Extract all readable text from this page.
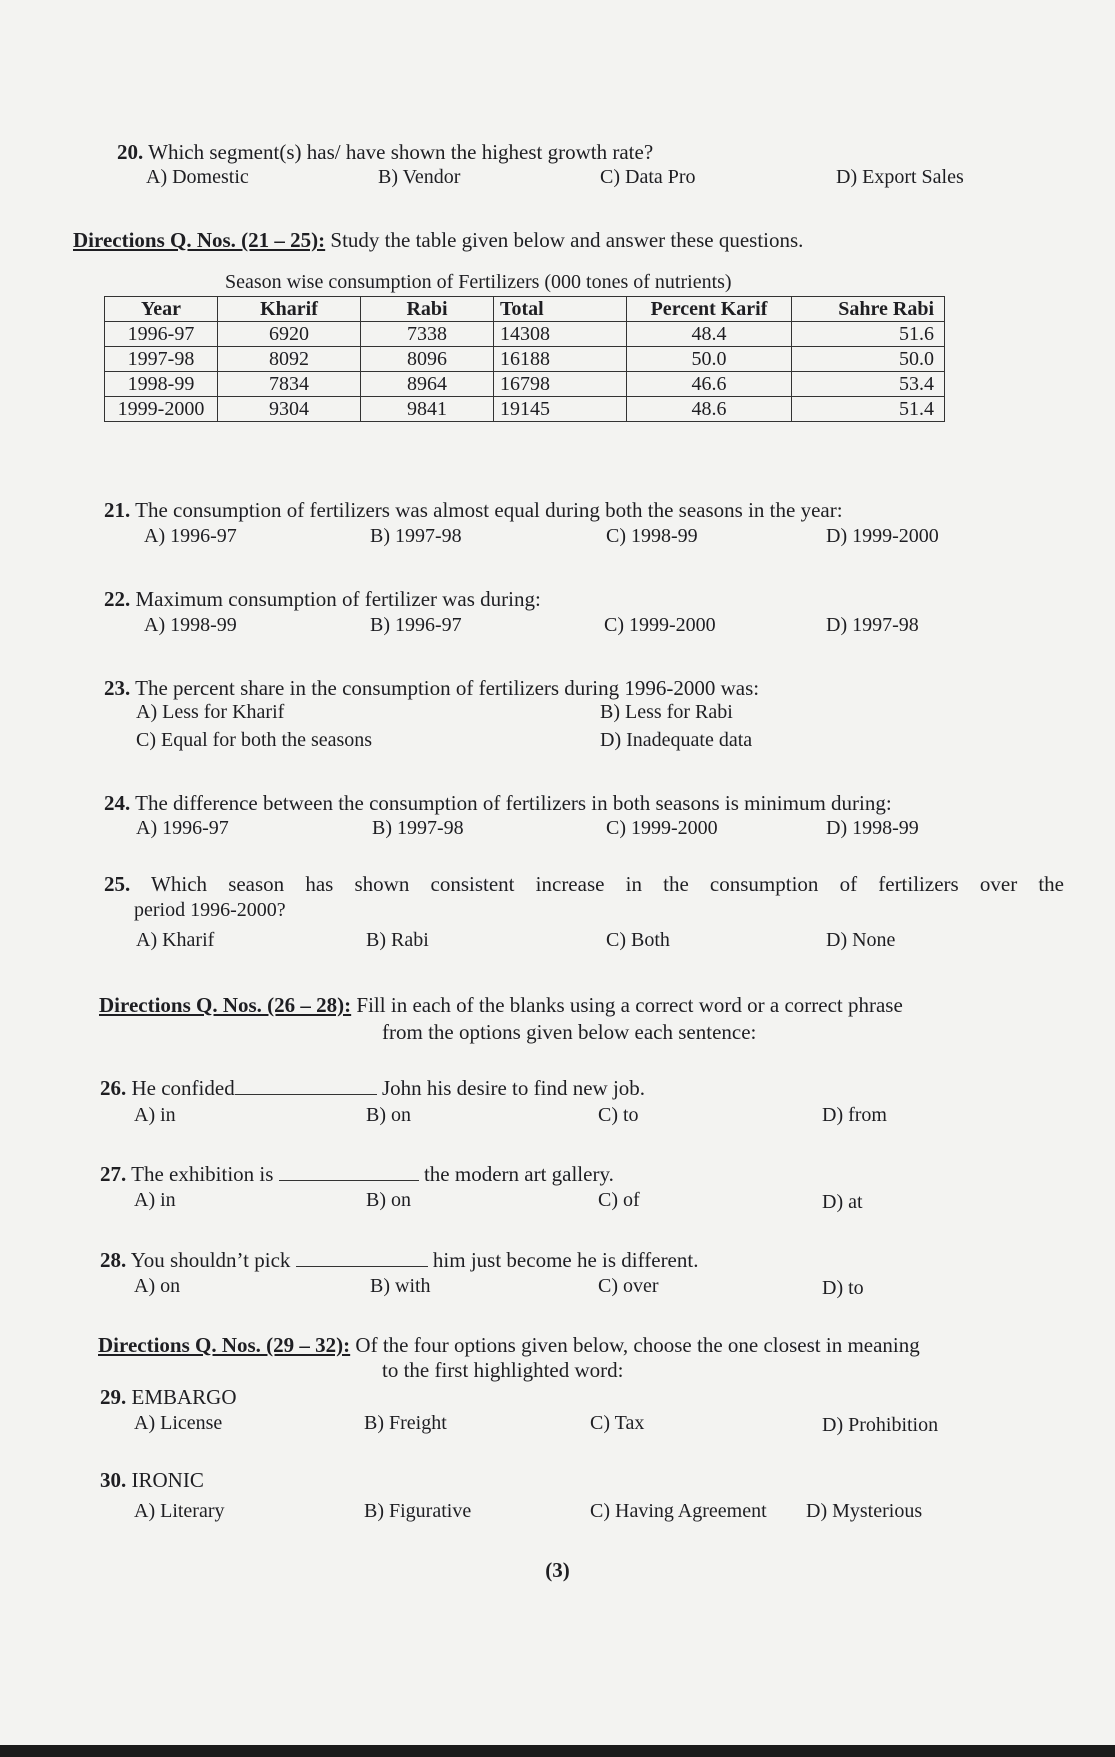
20. Which segment(s) has/ have shown the highest growth rate?
A) Domestic	B) Vendor	C) Data Pro	D) Export Sales
Directions Q. Nos. (21 – 25): Study the table given below and answer these questions.
Season wise consumption of Fertilizers (000 tones of nutrients)
Year	Kharif	Rabi	Total	Percent Karif	Sahre Rabi
1996-97	6920	7338	14308	48.4	51.6
1997-98	8092	8096	16188	50.0	50.0
1998-99	7834	8964	16798	46.6	53.4
1999-2000	9304	9841	19145	48.6	51.4
21. The consumption of fertilizers was almost equal during both the seasons in the year:
A) 1996-97	B) 1997-98	C) 1998-99	D) 1999-2000
22. Maximum consumption of fertilizer was during:
A) 1998-99	B) 1996-97	C) 1999-2000	D) 1997-98
23. The percent share in the consumption of fertilizers during 1996-2000 was:
A) Less for Kharif	B) Less for Rabi
C) Equal for both the seasons	D) Inadequate data
24. The difference between the consumption of fertilizers in both seasons is minimum during:
A) 1996-97	B) 1997-98	C) 1999-2000	D) 1998-99
25. Which season has shown consistent increase in the consumption of fertilizers over the
period 1996-2000?
A) Kharif	B) Rabi	C) Both	D) None
Directions Q. Nos. (26 – 28): Fill in each of the blanks using a correct word or a correct phrase
from the options given below each sentence:
26. He confided	John his desire to find new job.
A) in	B) on	C) to	D) from
27. The exhibition is	the modern art gallery.
A) in	B) on	C) of	D) at
28. You shouldn’t pick	him just become he is different.
A) on	B) with	C) over	D) to
Directions Q. Nos. (29 – 32): Of the four options given below, choose the one closest in meaning
to the first highlighted word:
29. EMBARGO
A) License	B) Freight	C) Tax	D) Prohibition
30. IRONIC
A) Literary	B) Figurative	C) Having Agreement D) Mysterious
(3)
